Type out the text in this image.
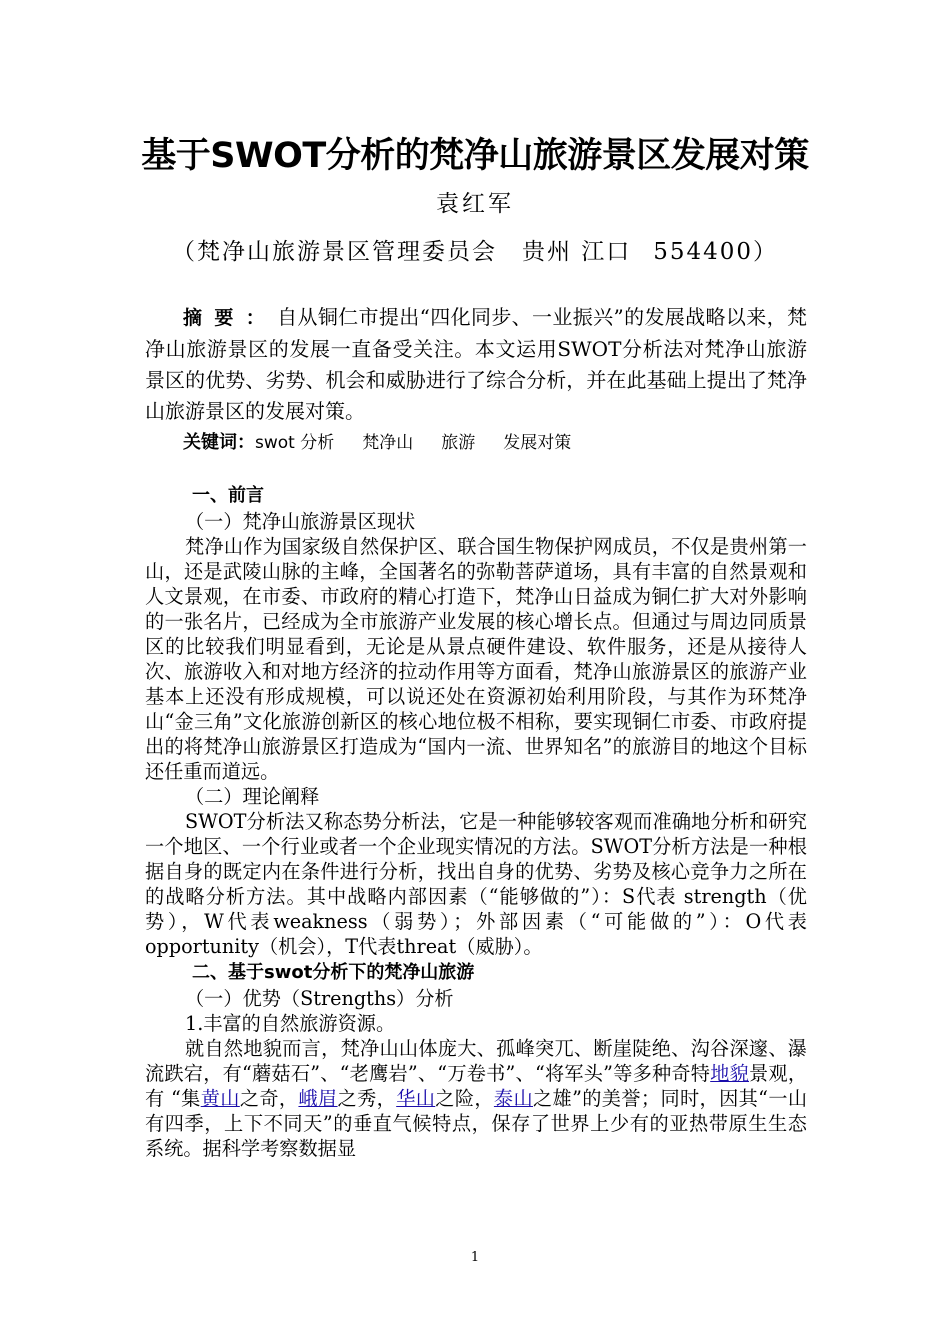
基于SWOT分析的梵净山旅游景区发展对策

袁红军

（梵净山旅游景区管理委员会　贵州 江口 554400）

摘要：自从铜仁市提出“四化同步、一业振兴”的发展战略以来，梵净山旅游景区的发展一直备受关注。本文运用SWOT分析法对梵净山旅游景区的优势、劣势、机会和威胁进行了综合分析，并在此基础上提出了梵净山旅游景区的发展对策。

关键词：swot 分析 梵净山 旅游 发展对策

一、前言

（一）梵净山旅游景区现状

梵净山作为国家级自然保护区、联合国生物保护网成员，不仅是贵州第一山，还是武陵山脉的主峰，全国著名的弥勒菩萨道场，具有丰富的自然景观和人文景观，在市委、市政府的精心打造下，梵净山日益成为铜仁扩大对外影响的一张名片，已经成为全市旅游产业发展的核心增长点。但通过与周边同质景区的比较我们明显看到，无论是从景点硬件建设、软件服务，还是从接待人次、旅游收入和对地方经济的拉动作用等方面看，梵净山旅游景区的旅游产业基本上还没有形成规模，可以说还处在资源初始利用阶段，与其作为环梵净山“金三角”文化旅游创新区的核心地位极不相称，要实现铜仁市委、市政府提出的将梵净山旅游景区打造成为“国内一流、世界知名”的旅游目的地这个目标还任重而道远。

（二）理论阐释

SWOT分析法又称态势分析法，它是一种能够较客观而准确地分析和研究一个地区、一个行业或者一个企业现实情况的方法。SWOT分析方法是一种根据自身的既定内在条件进行分析，找出自身的优势、劣势及核心竞争力之所在的战略分析方法。其中战略内部因素（“能够做的”）：S代表 strength（优势），W代表weakness（弱势）；外部因素（“可能做的”）：O代表opportunity（机会），T代表threat（威胁）。

二、基于swot分析下的梵净山旅游

（一）优势（Strengths）分析

1.丰富的自然旅游资源。

就自然地貌而言，梵净山山体庞大、孤峰突兀、断崖陡绝、沟谷深邃、瀑流跌宕，有“蘑菇石”、“老鹰岩”、“万卷书”、“将军头”等多种奇特地貌景观，有 “集黄山之奇，峨眉之秀，华山之险，泰山之雄”的美誉；同时，因其“一山有四季，上下不同天”的垂直气候特点，保存了世界上少有的亚热带原生生态系统。据科学考察数据显

1
